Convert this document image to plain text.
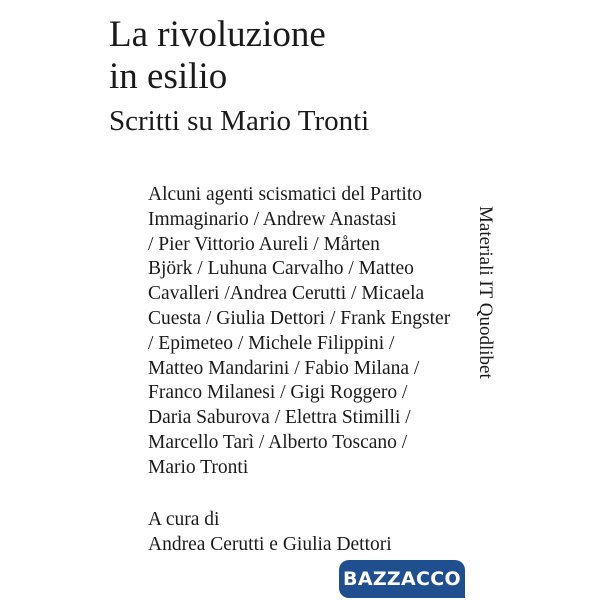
La rivoluzione
in esilio
Scritti su Mario Tronti
Alcuni agenti scismatici del Partito
Immaginario / Andrew Anastasi
/ Pier Vittorio Aureli / Mårten
Björk / Luhuna Carvalho / Matteo
Cavalleri /Andrea Cerutti / Micaela
Cuesta / Giulia Dettori / Frank Engster
/ Epimeteo / Michele Filippini /
Matteo Mandarini / Fabio Milana /
Franco Milanesi / Gigi Roggero /
Daria Saburova / Elettra Stimilli /
Marcello Tarì / Alberto Toscano /
Mario Tronti
A cura di
Andrea Cerutti e Giulia Dettori
Materiali IT Quodlibet
BAZZACCO
